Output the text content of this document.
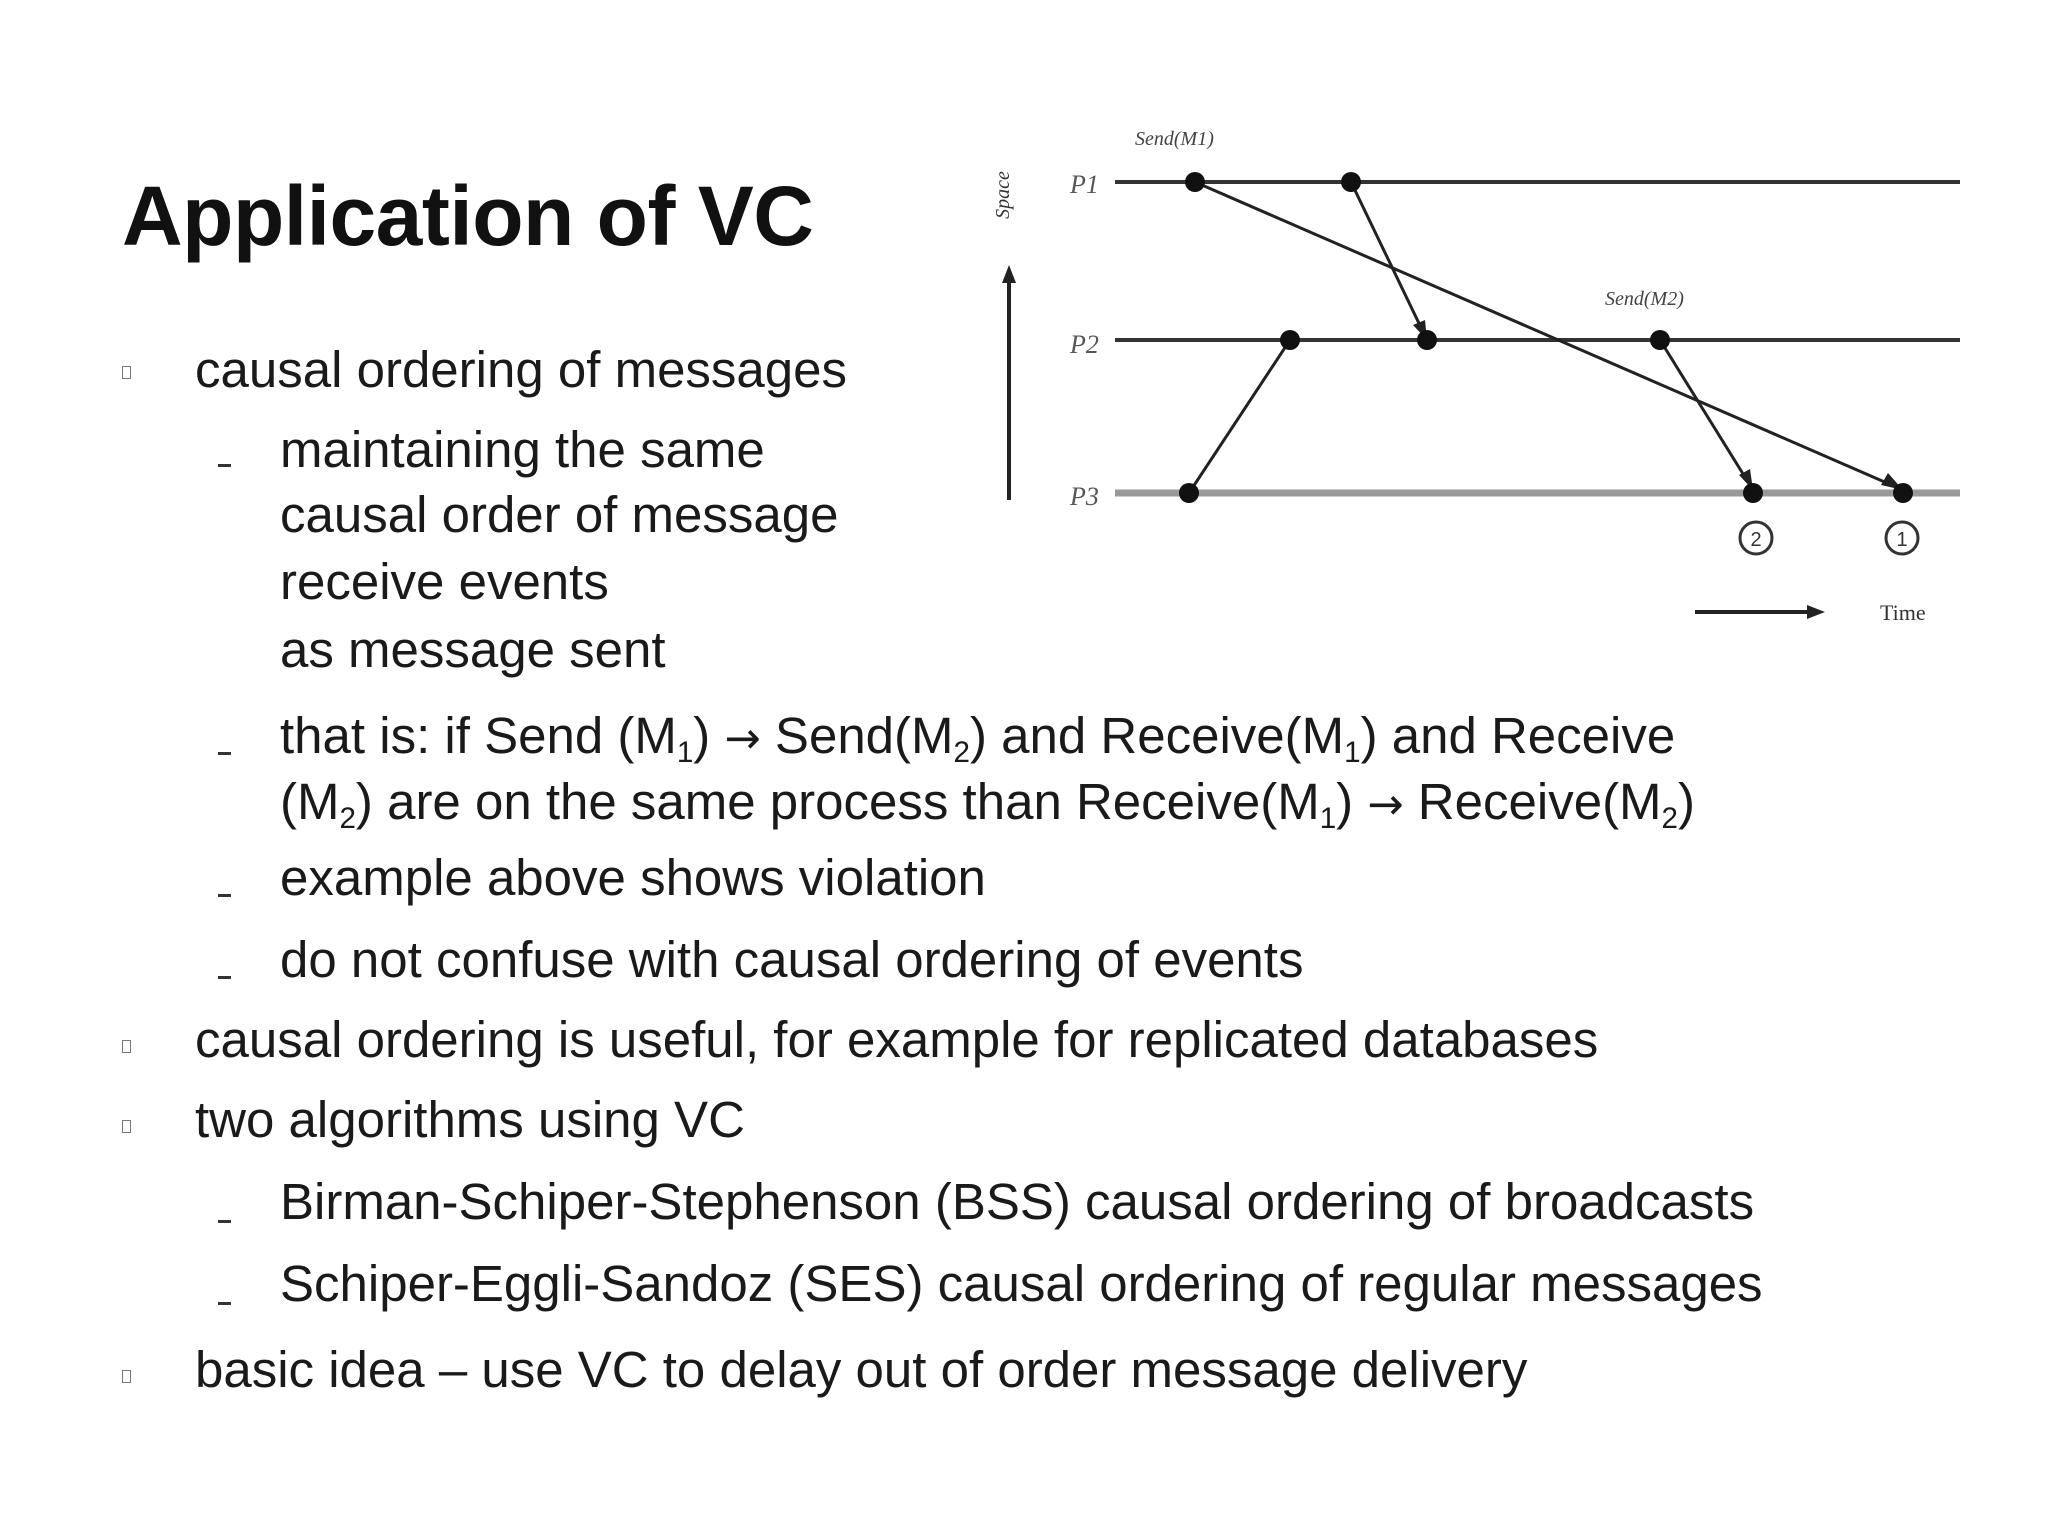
Application of VC	Space P1
P2
P3
Send(M1)
Send(M2)
2	1
Time
causal ordering of messages
maintaining the same
causal order of message
receive events
as message sent
that is: if Send $(M_1)$ → $Send(M_2)$ and $Receive(M_1)$ and Receive
$(M_2)$ are on the same process than $Receive(M_1)$ → $Receive(M_2)$
example above shows violation
do not confuse with causal ordering of events
causal ordering is useful, for example for replicated databases
two algorithms using VC
Birman-Schiper-Stephenson (BSS) causal ordering of broadcasts
Schiper-Eggli-Sandoz (SES) causal ordering of regular messages
basic idea – use VC to delay out of order message delivery
